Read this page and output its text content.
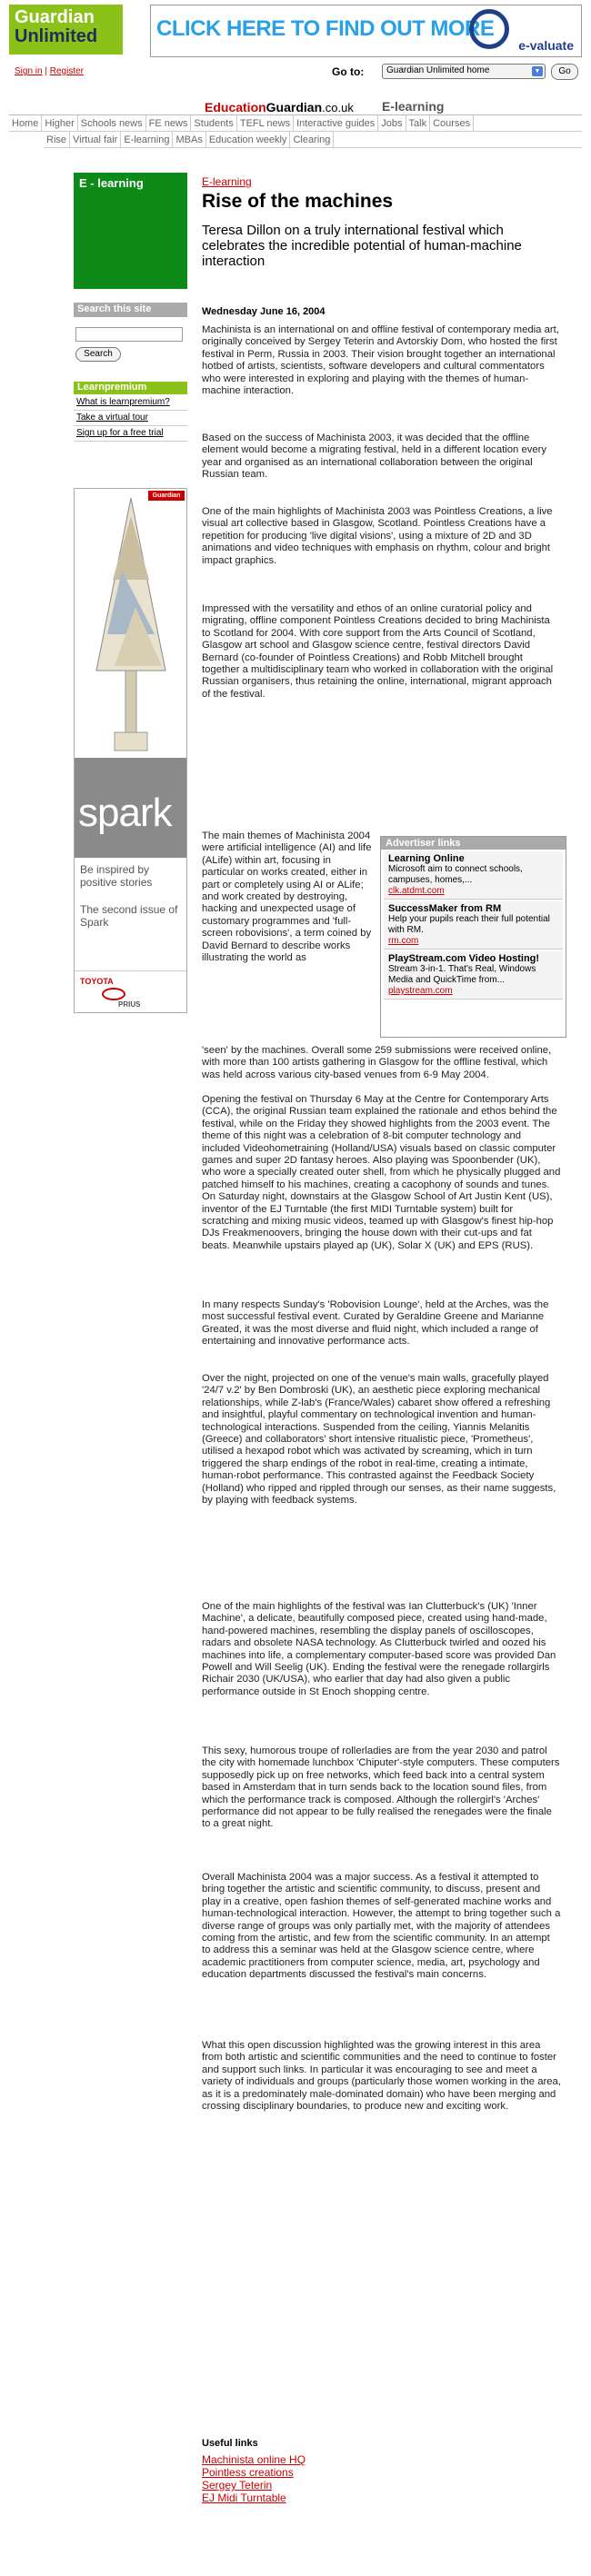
Guardian
Unlimited	CLICK HERE TO FIND OUT MORE
e-valuate
Sign in | Register	Go to:	Guardian Unlimited home	▼	Go
EducationGuardian.co.uk E-learning
Home Higher Schools news FE news Students TEFL news Interactive guides Jobs Talk Courses
Rise Virtual fair E-learning MBAs Education weekly Clearing
E - learning
Search this site
Search
Learnpremium
What is learnpremium?
Take a virtual tour
Sign up for a free trial
Guardian
spark
Be inspired by positive stories
The second issue of Spark
TOYOTA
PRIUS
E-learning
Rise of the machines
Teresa Dillon on a truly international festival which celebrates the incredible potential of human-machine interaction
Wednesday June 16, 2004
Machinista is an international on and offline festival of contemporary media art, originally conceived by Sergey Teterin and Avtorskiy Dom, who hosted the first festival in Perm, Russia in 2003. Their vision brought together an international hotbed of artists, scientists, software developers and cultural commentators who were interested in exploring and playing with the themes of human-machine interaction.
Based on the success of Machinista 2003, it was decided that the offline element would become a migrating festival, held in a different location every year and organised as an international collaboration between the original Russian team.
One of the main highlights of Machinista 2003 was Pointless Creations, a live visual art collective based in Glasgow, Scotland. Pointless Creations have a repetition for producing 'live digital visions', using a mixture of 2D and 3D animations and video techniques with emphasis on rhythm, colour and bright impact graphics.
Impressed with the versatility and ethos of an online curatorial policy and migrating, offline component Pointless Creations decided to bring Machinista to Scotland for 2004. With core support from the Arts Council of Scotland, Glasgow art school and Glasgow science centre, festival directors David Bernard (co-founder of Pointless Creations) and Robb Mitchell brought together a multidisciplinary team who worked in collaboration with the original Russian organisers, thus retaining the online, international, migrant approach of the festival.
The main themes of Machinista 2004 were artificial intelligence (AI) and life (ALife) within art, focusing in particular on works created, either in part or completely using AI or ALife; and work created by destroying, hacking and unexpected usage of customary programmes and 'full-screen robovisions', a term coined by David Bernard to describe works illustrating the world as
'seen' by the machines. Overall some 259 submissions were received online, with more than 100 artists gathering in Glasgow for the offline festival, which was held across various city-based venues from 6-9 May 2004.
Opening the festival on Thursday 6 May at the Centre for Contemporary Arts (CCA), the original Russian team explained the rationale and ethos behind the festival, while on the Friday they showed highlights from the 2003 event. The theme of this night was a celebration of 8-bit computer technology and included Videohometraining (Holland/USA) visuals based on classic computer games and super 2D fantasy heroes. Also playing was Spoonbender (UK), who wore a specially created outer shell, from which he physically plugged and patched himself to his machines, creating a cacophony of sounds and tunes. On Saturday night, downstairs at the Glasgow School of Art Justin Kent (US), inventor of the EJ Turntable (the first MIDI Turntable system) built for scratching and mixing music videos, teamed up with Glasgow's finest hip-hop DJs Freakmenoovers, bringing the house down with their cut-ups and fat beats. Meanwhile upstairs played ap (UK), Solar X (UK) and EPS (RUS).
In many respects Sunday's 'Robovision Lounge', held at the Arches, was the most successful festival event. Curated by Geraldine Greene and Marianne Greated, it was the most diverse and fluid night, which included a range of entertaining and innovative performance acts.
Over the night, projected on one of the venue's main walls, gracefully played '24/7 v.2' by Ben Dombroski (UK), an aesthetic piece exploring mechanical relationships, while Z-lab's (France/Wales) cabaret show offered a refreshing and insightful, playful commentary on technological invention and human-technological interactions. Suspended from the ceiling, Yiannis Melanitis (Greece) and collaborators' short intensive ritualistic piece, 'Prometheus', utilised a hexapod robot which was activated by screaming, which in turn triggered the sharp endings of the robot in real-time, creating a intimate, human-robot performance. This contrasted against the Feedback Society (Holland) who ripped and rippled through our senses, as their name suggests, by playing with feedback systems.
One of the main highlights of the festival was Ian Clutterbuck's (UK) 'Inner Machine', a delicate, beautifully composed piece, created using hand-made, hand-powered machines, resembling the display panels of oscilloscopes, radars and obsolete NASA technology. As Clutterbuck twirled and oozed his machines into life, a complementary computer-based score was provided Dan Powell and Will Seelig (UK). Ending the festival were the renegade rollargirls Richair 2030 (UK/USA), who earlier that day had also given a public performance outside in St Enoch shopping centre.
This sexy, humorous troupe of rollerladies are from the year 2030 and patrol the city with homemade lunchbox 'Chiputer'-style computers. These computers supposedly pick up on free networks, which feed back into a central system based in Amsterdam that in turn sends back to the location sound files, from which the performance track is composed. Although the rollergirl's 'Arches' performance did not appear to be fully realised the renegades were the finale to a great night.
Overall Machinista 2004 was a major success. As a festival it attempted to bring together the artistic and scientific community, to discuss, present and play in a creative, open fashion themes of self-generated machine works and human-technological interaction. However, the attempt to bring together such a diverse range of groups was only partially met, with the majority of attendees coming from the artistic, and few from the scientific community. In an attempt to address this a seminar was held at the Glasgow science centre, where academic practitioners from computer science, media, art, psychology and education departments discussed the festival's main concerns.
What this open discussion highlighted was the growing interest in this area from both artistic and scientific communities and the need to continue to foster and support such links. In particular it was encouraging to see and meet a variety of individuals and groups (particularly those women working in the area, as it is a predominately male-dominated domain) who have been merging and crossing disciplinary boundaries, to produce new and exciting work.
Advertiser links
Learning Online
Microsoft aim to connect schools, campuses, homes,...
clk.atdmt.com
SuccessMaker from RM
Help your pupils reach their full potential with RM.
rm.com
PlayStream.com Video Hosting!
Stream 3-in-1. That's Real, Windows Media and QuickTime from...
playstream.com
Useful links
Machinista online HQ
Pointless creations
Sergey Teterin
EJ Midi Turntable
